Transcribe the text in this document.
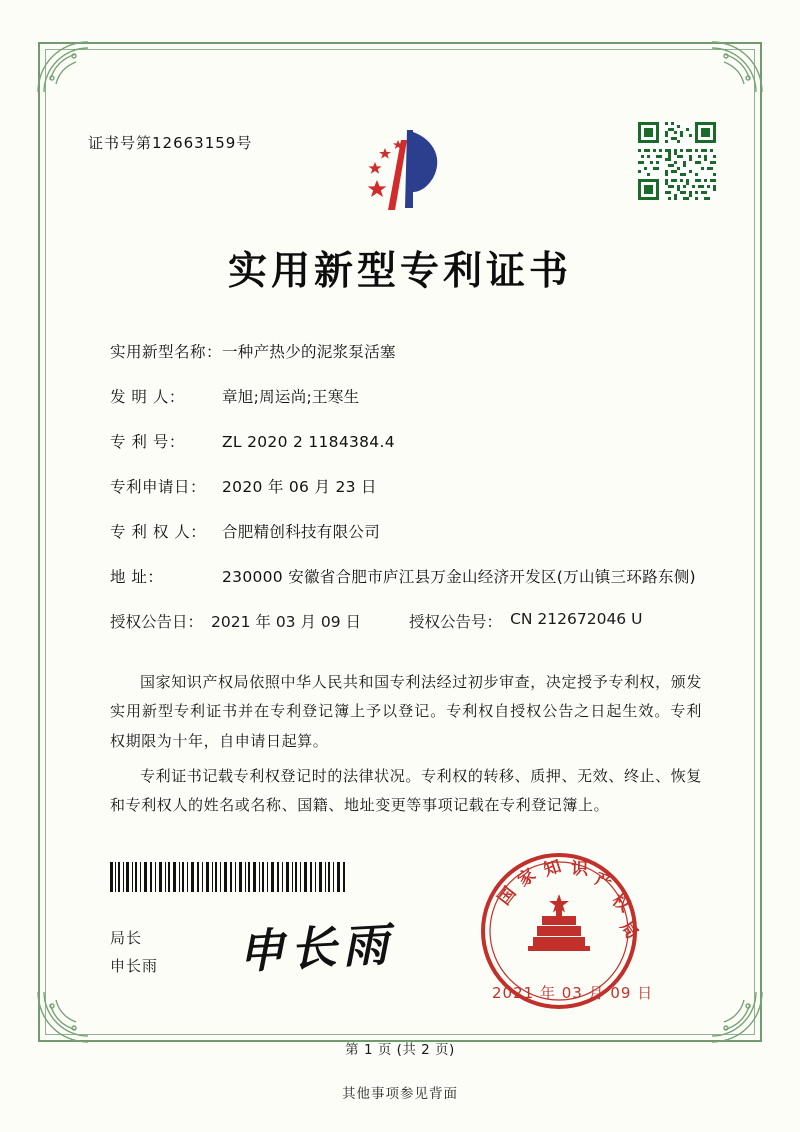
证书号第12663159号
实用新型专利证书
实用新型名称： 一种产热少的泥浆泵活塞
发 明 人：	章旭;周运尚;王寒生
专 利 号：	ZL 2020 2 1184384.4
专利申请日：	2020 年 06 月 23 日
专 利 权 人：	合肥精创科技有限公司
地 址：	230000 安徽省合肥市庐江县万金山经济开发区(万山镇三环路东侧)
授权公告日： 2021 年 03 月 09 日	授权公告号： CN 212672046 U

国家知识产权局依照中华人民共和国专利法经过初步审查，决定授予专利权，颁发实用新型专利证书并在专利登记簿上予以登记。专利权自授权公告之日起生效。专利权期限为十年，自申请日起算。

专利证书记载专利权登记时的法律状况。专利权的转移、质押、无效、终止、恢复和专利权人的姓名或名称、国籍、地址变更等事项记载在专利登记簿上。

局长
申长雨 申长雨
国
家 知 识 产
权
局
2021 年 03 月 09 日
第 1 页 (共 2 页)
其他事项参见背面
